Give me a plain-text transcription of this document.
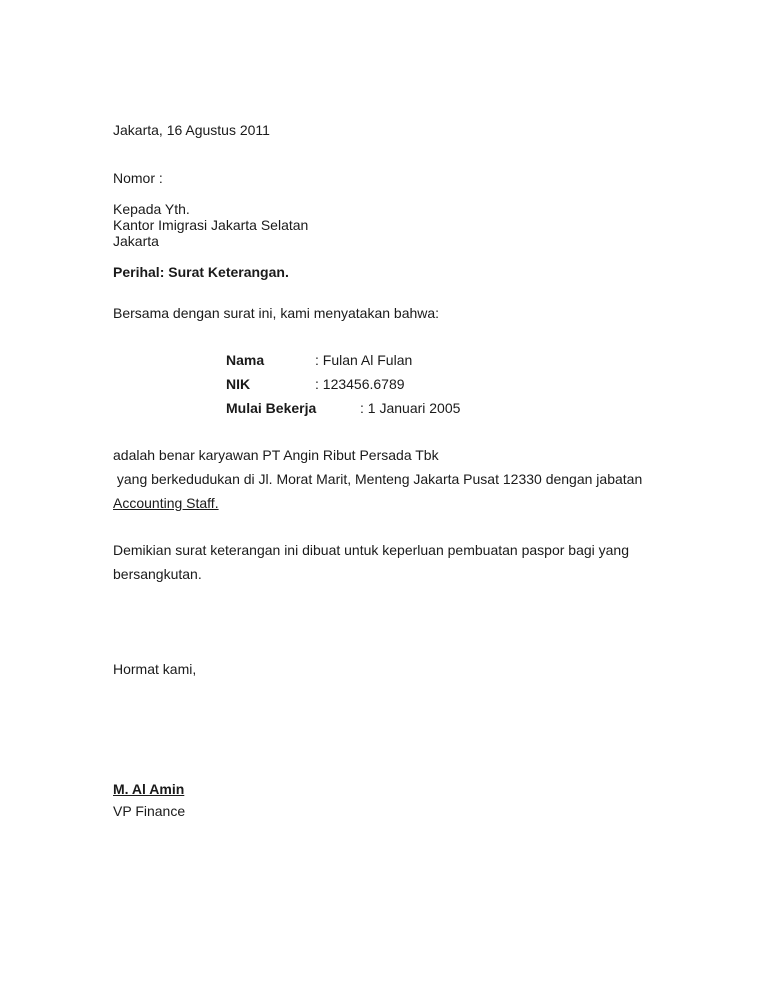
Jakarta, 16 Agustus 2011
Nomor :
Kepada Yth.
Kantor Imigrasi Jakarta Selatan
Jakarta
Perihal: Surat Keterangan.
Bersama dengan surat ini, kami menyatakan bahwa:
Nama	: Fulan Al Fulan
NIK	: 123456.6789
Mulai Bekerja	: 1 Januari 2005
adalah benar karyawan PT Angin Ribut Persada Tbk
yang berkedudukan di Jl. Morat Marit, Menteng Jakarta Pusat 12330 dengan jabatan
Accounting Staff.
Demikian surat keterangan ini dibuat untuk keperluan pembuatan paspor bagi yang
bersangkutan.
Hormat kami,
M. Al Amin
VP Finance
